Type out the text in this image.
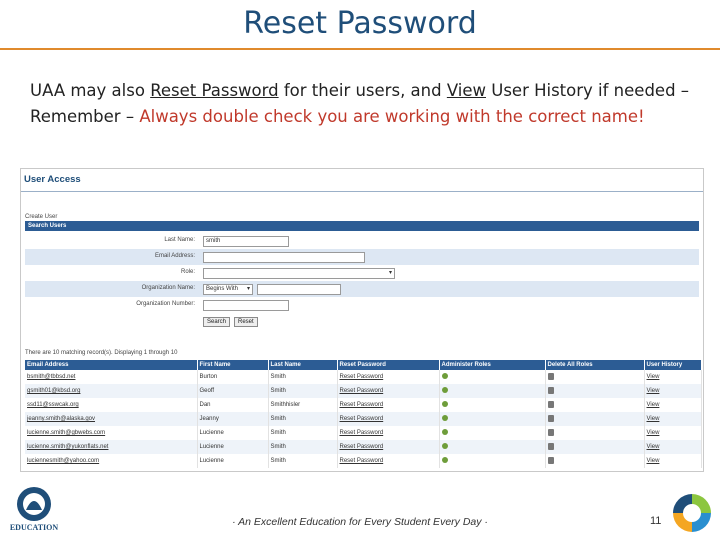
Reset Password
UAA may also Reset Password for their users, and View User History if needed – Remember – Always double check you are working with the correct name!
User Access
Create User
Search Users
Last Name:	smith
Email Address:
Role:
▾
Organization Name:	Begins With ▾
Organization Number:
Search	Reset
There are 10 matching record(s). Displaying 1 through 10
Email Address	First Name	Last Name	Reset Password	Administer Roles	Delete All Roles	User History
bsmith@tbbsd.net	Burton	Smith	Reset Password			View
gsmith01@kbsd.org	Geoff	Smith	Reset Password			View
ssd11@sswcak.org	Dan	Smithhisler	Reset Password			View
jeanny.smith@alaska.gov	Jeanny	Smith	Reset Password			View
lucienne.smith@gbwebs.com	Lucienne	Smith	Reset Password			View
lucienne.smith@yukonflats.net	Lucienne	Smith	Reset Password			View
luciennesmith@yahoo.com	Lucienne	Smith	Reset Password			View
EDUCATION	· An Excellent Education for Every Student Every Day ·	11
